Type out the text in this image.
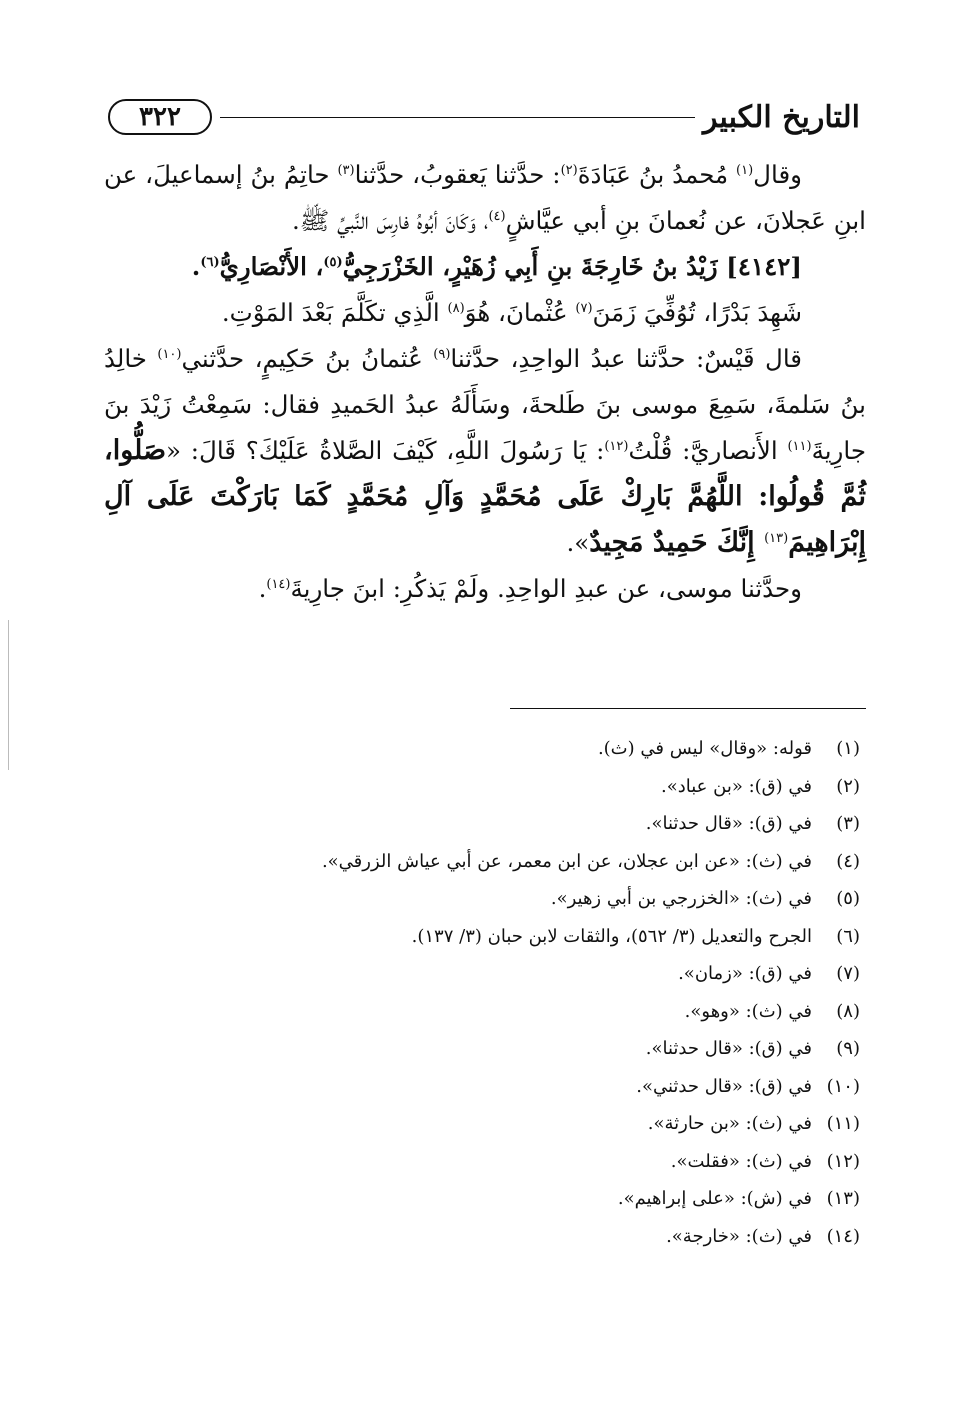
٣٢٢	التاريخ الكبير

وقال$^{(١)}$ مُحمدُ بنُ عَبَادَةَ$^{(٢)}$: حدَّثنا يَعقوبُ، حدَّثنا$^{(٣)}$ حاتِمُ بنُ إسماعيلَ، عن ابنِ عَجلانَ، عن نُعمانَ بنِ أبي عيَّاشٍ$^{(٤)}$، وَكَانَ أبُوهُ فارِسَ النَّبيِّ ﷺ.

[٤١٤٢] زَيْدُ بنُ خَارِجَةَ بنِ أَبِي زُهَيْرٍ، الخَزْرَجِيُّ$^{(٥)}$، الأَنْصَارِيُّ$^{(٦)}$.

شَهِدَ بَدْرًا، تُوُفِّيَ زَمَنَ$^{(٧)}$ عُثْمانَ، هُوَ$^{(٨)}$ الَّذِي تكَلَّمَ بَعْدَ المَوْتِ.

قال قَيْسٌ: حدَّثنا عبدُ الواحِدِ، حدَّثنا$^{(٩)}$ عُثمانُ بنُ حَكِيمٍ، حدَّثني$^{(١٠)}$ خالِدُ بنُ سَلمةَ، سَمِعَ موسى بنَ طَلحةَ، وسَأَلَهُ عبدُ الحَميدِ فقال: سَمِعْتُ زَيْدَ بنَ جارِيةَ$^{(١١)}$ الأَنصاريَّ: قُلْتُ$^{(١٢)}$: يَا رَسُولَ اللَّهِ، كَيْفَ الصَّلاةُ عَلَيْكَ؟ قَالَ: «صَلُّوا، ثُمَّ قُولُوا: اللَّهُمَّ بَارِكْ عَلَى مُحَمَّدٍ وَآلِ مُحَمَّدٍ كَمَا بَارَكْتَ عَلَى آلِ إِبْرَاهِيمَ$^{(١٣)}$ إِنَّكَ حَمِيدٌ مَجِيدٌ».

وحدَّثنا موسى، عن عبدِ الواحِدِ. ولَمْ يَذكُرِ: ابنَ جارِيةَ$^{(١٤)}$.

(١)
قوله: «وقال» ليس في (ث).
(٢)
في (ق): «بن عباد».
(٣)
في (ق): «قال حدثنا».
(٤)
في (ث): «عن ابن عجلان، عن ابن معمر، عن أبي عياش الزرقي».
(٥)
في (ث): «الخزرجي بن أبي زهير».
(٦)
الجرح والتعديل (٣/ ٥٦٢)، والثقات لابن حبان (٣/ ١٣٧).
(٧)
في (ق): «زمان».
(٨)
في (ث): «وهو».
(٩)
في (ق): «قال حدثنا».
(١٠)
في (ق): «قال حدثني».
(١١)
في (ث): «بن حارثة».
(١٢)
في (ث): «فقلت».
(١٣)
في (ش): «على إبراهيم».
(١٤)
في (ث): «خارجة».
